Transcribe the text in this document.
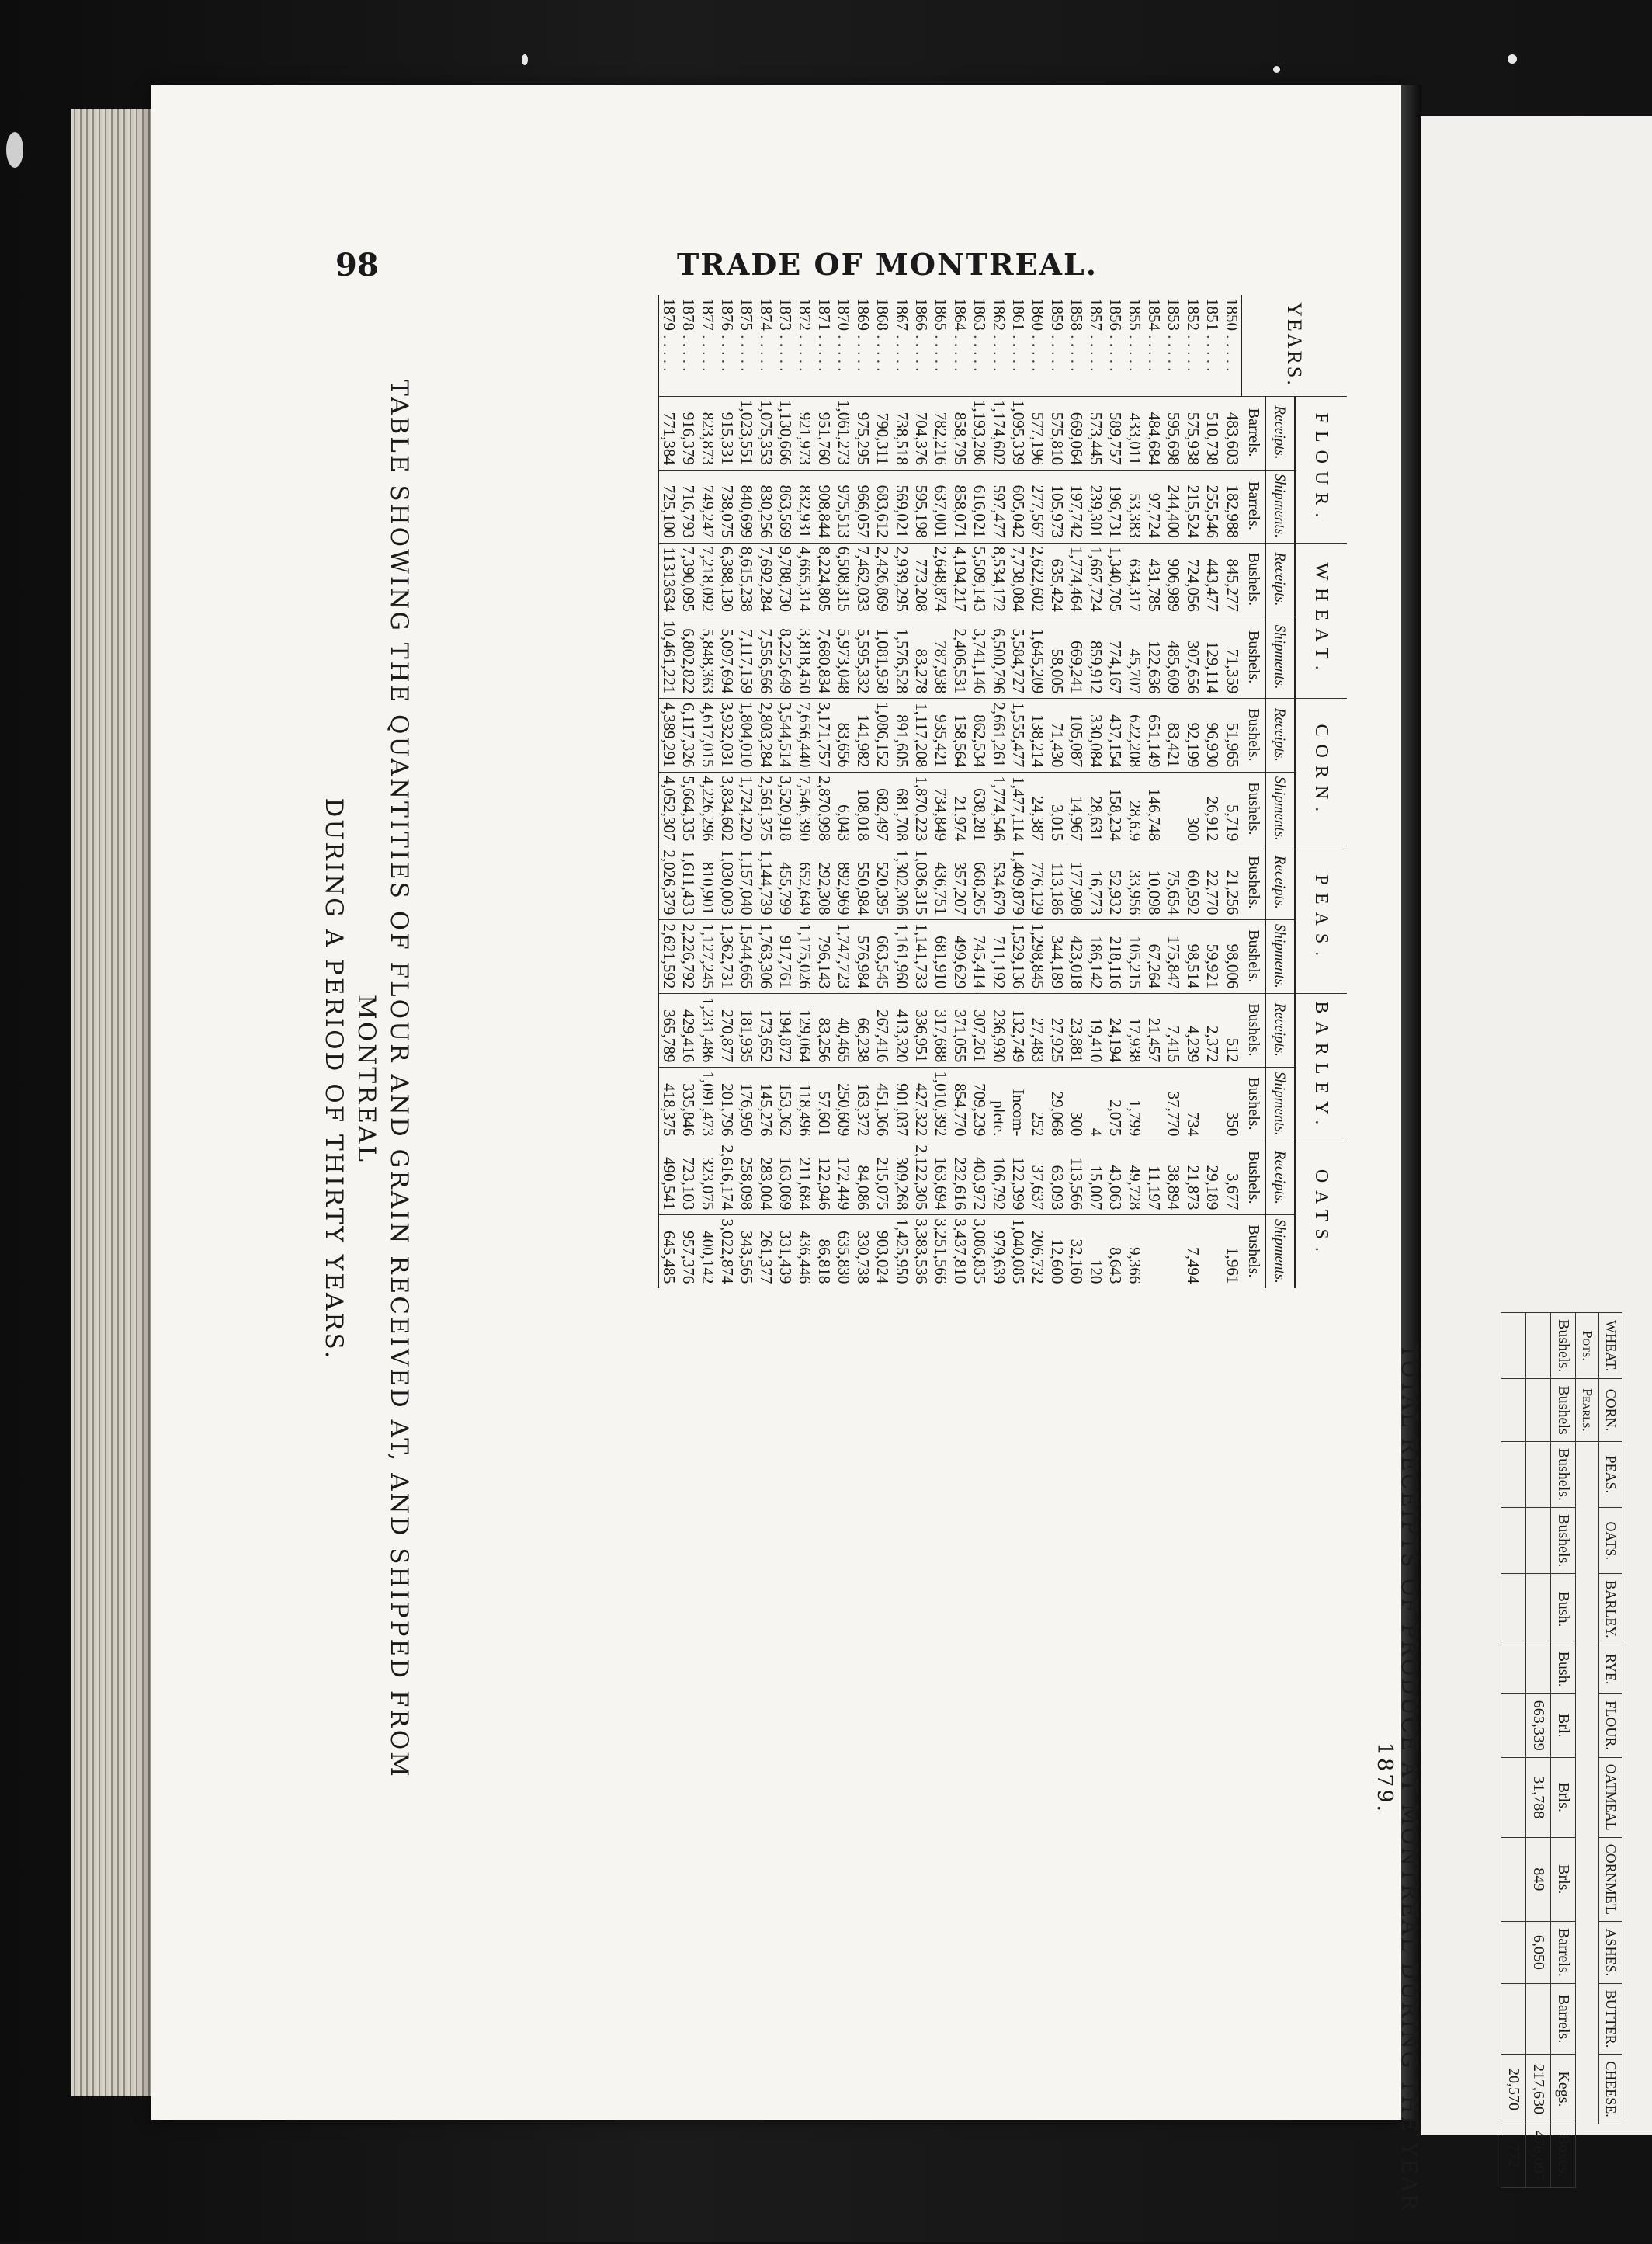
98	TRADE OF MONTREAL.
TABLE SHOWING THE QUANTITIES OF FLOUR AND GRAIN RECEIVED AT, AND SHIPPED FROM MONTREAL
DURING A PERIOD OF THIRTY YEARS.
YEARS.	FLOUR.		WHEAT.		CORN.		PEAS.		BARLEY.		OATS.	
	Receipts.	Shipments.	Receipts.	Shipments.	Receipts.	Shipments.	Receipts.	Shipments.	Receipts.	Shipments.	Receipts.	Shipments.
	Barrels.	Barrels.	Bushels.	Bushels.	Bushels.	Bushels.	Bushels.	Bushels.	Bushels.	Bushels.	Bushels.	Bushels.
1850 . . . . .	483,603	182,988	845,277	71,359	51,965	5,719	21,256	98,006	512	350	3,677	1,961
1851 . . . . .	510,738	255,546	443,477	129,114	96,930	26,912	22,770	59,921	2,372		29,189	
1852 . . . . .	575,938	215,524	724,056	307,656	92,199	300	60,592	98,514	4,239	734	21,873	7,494
1853 . . . . .	595,698	244,400	906,989	485,609	83,421		75,654	175,847	7,415	37,770	38,894	
1854 . . . . .	484,684	97,724	431,785	122,636	651,149	146,748	10,098	67,264	21,457		11,197	
1855 . . . . .	433,011	53,383	634,317	45,707	622,208	28,6.9	33,956	105,215	17,938	1,799	49,728	9,366
1856 . . . . .	589,757	196,731	1,340,705	774,167	437,154	158,234	52,932	218,116	24,194	2,075	43,063	8,643
1857 . . . . .	573,445	239,301	1,667,724	859,912	330,084	28,631	16,773	186,142	19,410	4	15,007	120
1858 . . . . .	669,064	197,742	1,774,464	669,241	105,087	14,967	177,908	423,018	23,881	300	113,566	32,160
1859 . . . . .	575,810	105,973	635,424	58,005	71,430	3,015	113,186	344,189	27,925	29,068	63,093	12,600
1860 . . . . .	577,196	277,567	2,622,602	1,645,209	138,214	24,387	776,129	1,298,845	27,483	252	37,637	206,732
1861 . . . . .	1,095,339	605,042	7,738,084	5,584,727	1,555,477	1,477,114	1,409,879	1,529,136	132,749	Incom-	122,399	1,040,085
1862 . . . . .	1,174,602	597,477	8,534,172	6,500,796	2,661,261	1,774,546	534,679	711,192	236,930	plete.	106,792	979,639
1863 . . . . .	1,193,286	616,021	5,509,143	3,741,146	862,534	638,281	668,265	745,414	307,261	709,239	403,972	3,086,835
1864 . . . . .	858,795	858,071	4,194,217	2,406,531	158,564	21,974	357,207	499,629	371,055	854,770	232,616	3,437,810
1865 . . . . .	782,216	637,001	2,648,874	787,938	935,421	734,849	436,751	681,910	317,688	1,010,392	163,694	3,251,566
1866 . . . . .	704,376	595,198	773,208	83,278	1,117,208	1,870,223	1,036,315	1,141,733	336,951	427,322	2,122,305	3,383,536
1867 . . . . .	738,518	569,021	2,939,295	1,576,528	891,605	681,708	1,302,306	1,161,960	413,320	901,037	309,268	1,425,950
1868 . . . . .	790,311	683,612	2,426,869	1,081,958	1,086,152	682,497	520,395	663,545	267,416	451,366	215,075	903,024
1869 . . . . .	975,295	966,057	7,462,033	5,595,332	141,982	108,018	550,984	576,984	66,238	163,372	84,086	330,738
1870 . . . . .	1,061,273	975,513	6,508,315	5,973,048	83,656	6,043	892,969	1,747,723	40,465	250,609	172,449	635,830
1871 . . . . .	951,760	908,844	8,224,805	7,680,834	3,171,757	2,870,998	292,308	796,143	83,256	57,601	122,946	86,818
1872 . . . . .	921,973	832,931	4,665,314	3,818,450	7,656,440	7,546,390	652,649	1,175,026	129,064	118,496	211,684	436,446
1873 . . . . .	1,130,666	863,569	9,788,730	8,225,649	3,544,514	3,520,918	455,799	917,761	194,872	153,362	163,069	331,439
1874 . . . . .	1,075,353	830,256	7,692,284	7,556,566	2,803,284	2,561,375	1,144,739	1,763,306	173,652	145,276	283,004	261,377
1875 . . . . .	1,023,551	840,699	8,615,238	7,117,159	1,804,010	1,724,220	1,157,040	1,544,665	181,935	176,950	258,098	343,565
1876 . . . . .	915,331	738,075	6,388,130	5,097,694	3,932,031	3,834,602	1,030,003	1,362,731	270,877	201,796	2,616,174	3,022,874
1877 . . . . .	823,873	749,247	7,218,092	5,848,363	4,617,015	4,226,296	810,901	1,127,245	1,231,486	1,091,473	323,075	400,142
1878 . . . . .	916,379	716,793	7,390,095	6,802,822	6,117,326	5,664,335	1,611,433	2,226,792	429,416	335,846	723,103	957,376
1879 . . . . .	771,384	725,100	11313634	10,461,221	4,389,291	4,052,307	2,026,379	2,621,592	365,789	418,375	490,541	645,485
TOTAL RECEIPTS OF PRODUCE AT MONTREAL DURING THE YEAR 1879.
WHEAT.	CORN.	PEAS.	OATS.	BARLEY.	RYE.	FLOUR.	OATMEAL	CORNME'L	ASHES.	BUTTER.	CHEESE.	
Pots.	Pearls.											
Bushels.	Bushels	Bushels.	Bushels.	Bush.	Bush.	Brl.	Brls.	Brls.	Barrels.	Barrels.	Kegs.	Boxes.
						663,339	31,788	849	6,050		217,630	476,097
											20,570	772
